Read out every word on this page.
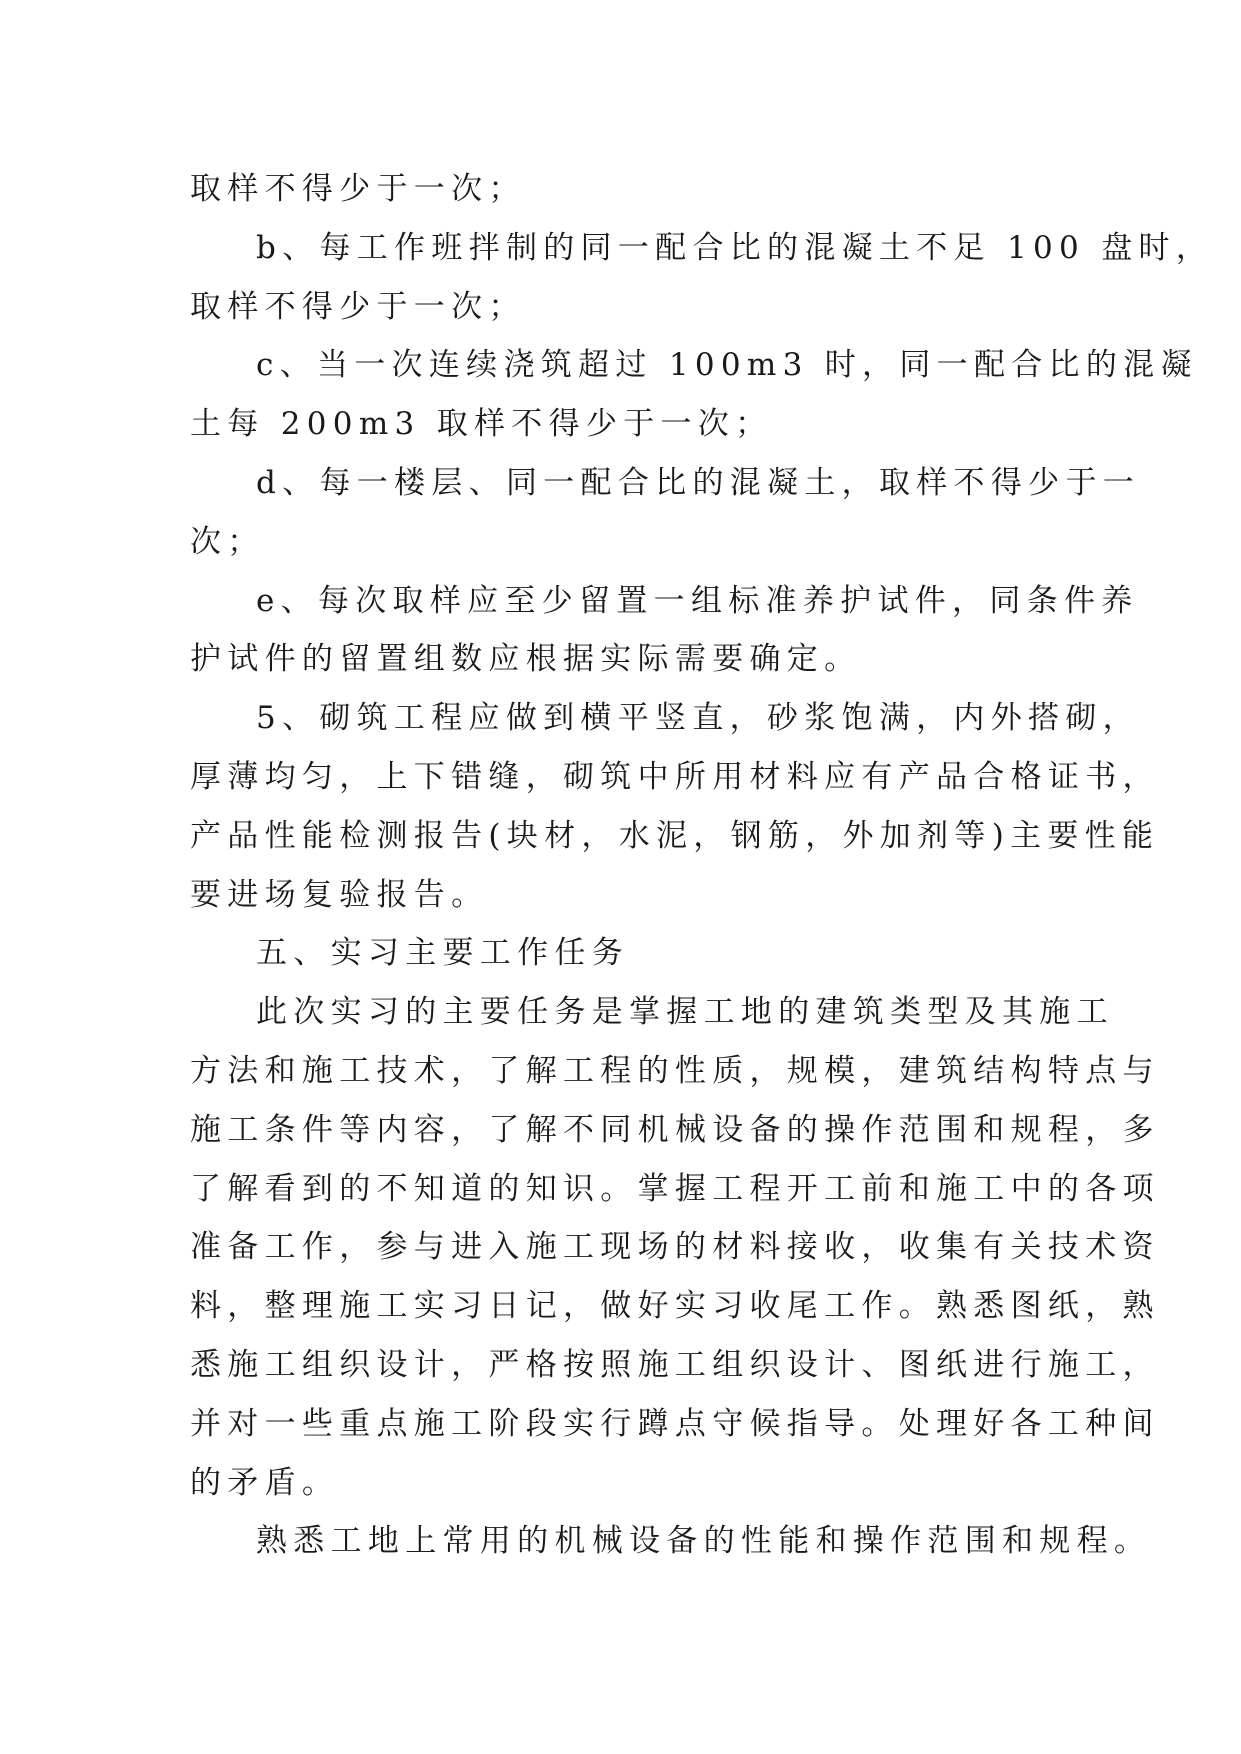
取样不得少于一次；
b、每工作班拌制的同一配合比的混凝土不足 100 盘时，
取样不得少于一次；
c、当一次连续浇筑超过 100m3 时，同一配合比的混凝
土每 200m3 取样不得少于一次；
d、每一楼层、同一配合比的混凝土，取样不得少于一
次；
e、每次取样应至少留置一组标准养护试件，同条件养
护试件的留置组数应根据实际需要确定。
5、砌筑工程应做到横平竖直，砂浆饱满，内外搭砌，
厚薄均匀，上下错缝，砌筑中所用材料应有产品合格证书，
产品性能检测报告(块材，水泥，钢筋，外加剂等)主要性能
要进场复验报告。
五、实习主要工作任务
此次实习的主要任务是掌握工地的建筑类型及其施工
方法和施工技术，了解工程的性质，规模，建筑结构特点与
施工条件等内容，了解不同机械设备的操作范围和规程，多
了解看到的不知道的知识。掌握工程开工前和施工中的各项
准备工作，参与进入施工现场的材料接收，收集有关技术资
料，整理施工实习日记，做好实习收尾工作。熟悉图纸，熟
悉施工组织设计，严格按照施工组织设计、图纸进行施工，
并对一些重点施工阶段实行蹲点守候指导。处理好各工种间
的矛盾。
熟悉工地上常用的机械设备的性能和操作范围和规程。
